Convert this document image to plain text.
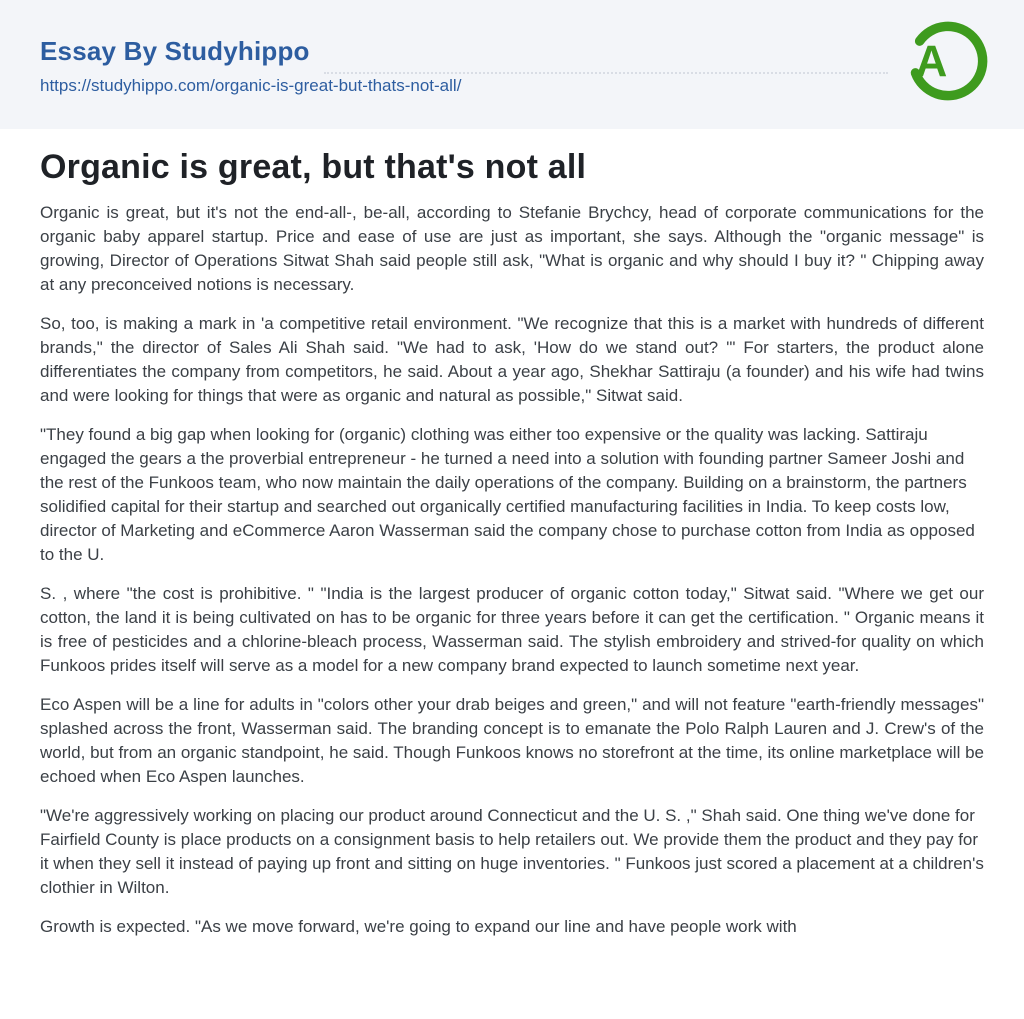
Essay By Studyhippo
https://studyhippo.com/organic-is-great-but-thats-not-all/	A
Organic is great, but that's not all

Organic is great, but it's not the end-all-, be-all, according to Stefanie Brychcy, head of corporate communications for the organic baby apparel startup. Price and ease of use are just as important, she says. Although the "organic message" is growing, Director of Operations Sitwat Shah said people still ask, "What is organic and why should I buy it? " Chipping away at any preconceived notions is necessary.

So, too, is making a mark in 'a competitive retail environment. "We recognize that this is a market with hundreds of different brands," the director of Sales Ali Shah said. "We had to ask, 'How do we stand out? '" For starters, the product alone differentiates the company from competitors, he said. About a year ago, Shekhar Sattiraju (a founder) and his wife had twins and were looking for things that were as organic and natural as possible," Sitwat said.

"They found a big gap when looking for (organic) clothing was either too expensive or the quality was lacking. Sattiraju engaged the gears a the proverbial entrepreneur - he turned a need into a solution with founding partner Sameer Joshi and the rest of the Funkoos team, who now maintain the daily operations of the company. Building on a brainstorm, the partners solidified capital for their startup and searched out organically certified manufacturing facilities in India. To keep costs low, director of Marketing and eCommerce Aaron Wasserman said the company chose to purchase cotton from India as opposed to the U.

S. , where "the cost is prohibitive. " "India is the largest producer of organic cotton today," Sitwat said. "Where we get our cotton, the land it is being cultivated on has to be organic for three years before it can get the certification. " Organic means it is free of pesticides and a chlorine-bleach process, Wasserman said. The stylish embroidery and strived-for quality on which Funkoos prides itself will serve as a model for a new company brand expected to launch sometime next year.

Eco Aspen will be a line for adults in "colors other your drab beiges and green," and will not feature "earth-friendly messages" splashed across the front, Wasserman said. The branding concept is to emanate the Polo Ralph Lauren and J. Crew's of the world, but from an organic standpoint, he said. Though Funkoos knows no storefront at the time, its online marketplace will be echoed when Eco Aspen launches.

"We're aggressively working on placing our product around Connecticut and the U. S. ," Shah said. One thing we've done for Fairfield County is place products on a consignment basis to help retailers out. We provide them the product and they pay for it when they sell it instead of paying up front and sitting on huge inventories. " Funkoos just scored a placement at a children's clothier in Wilton.

Growth is expected. "As we move forward, we're going to expand our line and have people work with
